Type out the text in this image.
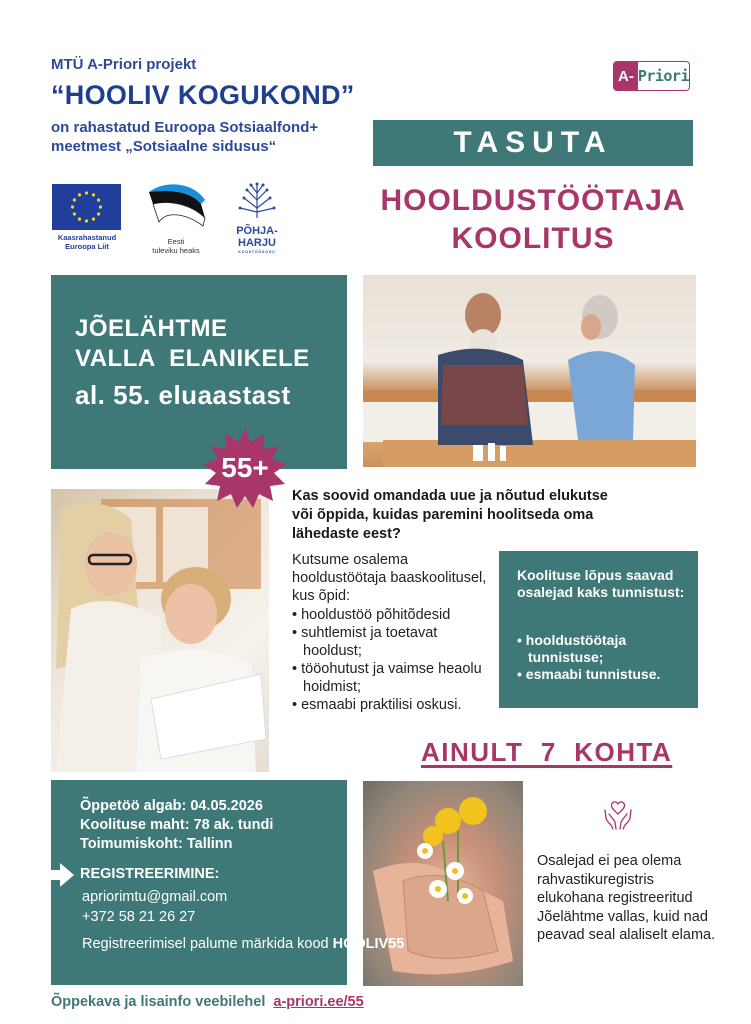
MTÜ A-Priori projekt
“HOOLIV KOGUKOND”
on rahastatud Euroopa Sotsiaalfond+
meetmest „Sotsiaalne sidusus“
Kaasrahastanud
Euroopa Liit
Eesti
tuleviku heaks
PÕHJA-
HARJU
KOOSTÖÖKOGU
A- Priori
TASUTA
HOOLDUSTÖÖTAJA
KOOLITUS
JÕELÄHTME
VALLA  ELANIKELE
al. 55. eluaastast
55+
Kas soovid omandada uue ja nõutud elukutse või õppida, kuidas paremini hoolitseda oma lähedaste eest?
Kutsume osalema hooldustöötaja baaskoolitusel, kus õpid:
• hooldustöö põhitõdesid
• suhtlemist ja toetavat hooldust;
• tööohutust ja vaimse heaolu hoidmist;
• esmaabi praktilisi oskusi.
Koolituse lõpus saavad osalejad kaks tunnistust:
• hooldustöötaja tunnistuse;
• esmaabi tunnistuse.
AINULT  7  KOHTA
Õppetöö algab: 04.05.2026
Koolituse maht: 78 ak. tundi
Toimumiskoht: Tallinn
REGISTREERIMINE:
apriorimtu@gmail.com
+372 58 21 26 27
Registreerimisel palume märkida kood HOOLIV55
Osalejad ei pea olema rahvastikuregistris elukohana registreeritud Jõelähtme vallas, kuid nad peavad seal alaliselt elama.
Õppekava ja lisainfo veebilehel a-priori.ee/55
